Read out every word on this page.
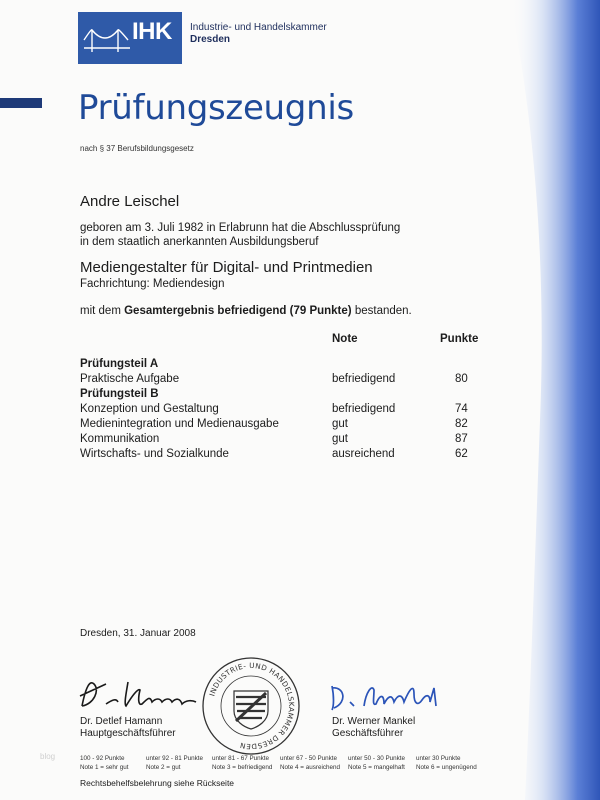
IHK Industrie- und Handelskammer
Dresden
Prüfungszeugnis
nach § 37 Berufsbildungsgesetz
Andre Leischel
geboren am 3. Juli 1982 in Erlabrunn hat die Abschlussprüfung
in dem staatlich anerkannten Ausbildungsberuf
Mediengestalter für Digital- und Printmedien
Fachrichtung: Mediendesign
mit dem Gesamtergebnis befriedigend (79 Punkte) bestanden.
Note	Punkte
Prüfungsteil A
Praktische Aufgabe	befriedigend	80
Prüfungsteil B
Konzeption und Gestaltung	befriedigend	74
Medienintegration und Medienausgabe	gut	82
Kommunikation	gut	87
Wirtschafts- und Sozialkunde	ausreichend	62
Dresden, 31. Januar 2008
INDUSTRIE- UND HANDELSKAMMER DRESDEN
Dr. Detlef Hamann
Hauptgeschäftsführer
Dr. Werner Mankel
Geschäftsführer
100 - 92 Punkte
Note 1 = sehr gut
unter 92 - 81 Punkte
Note 2 = gut
unter 81 - 67 Punkte
Note 3 = befriedigend
unter 67 - 50 Punkte
Note 4 = ausreichend
unter 50 - 30 Punkte
Note 5 = mangelhaft
unter 30 Punkte
Note 6 = ungenügend
Rechtsbehelfsbelehrung siehe Rückseite
blog
